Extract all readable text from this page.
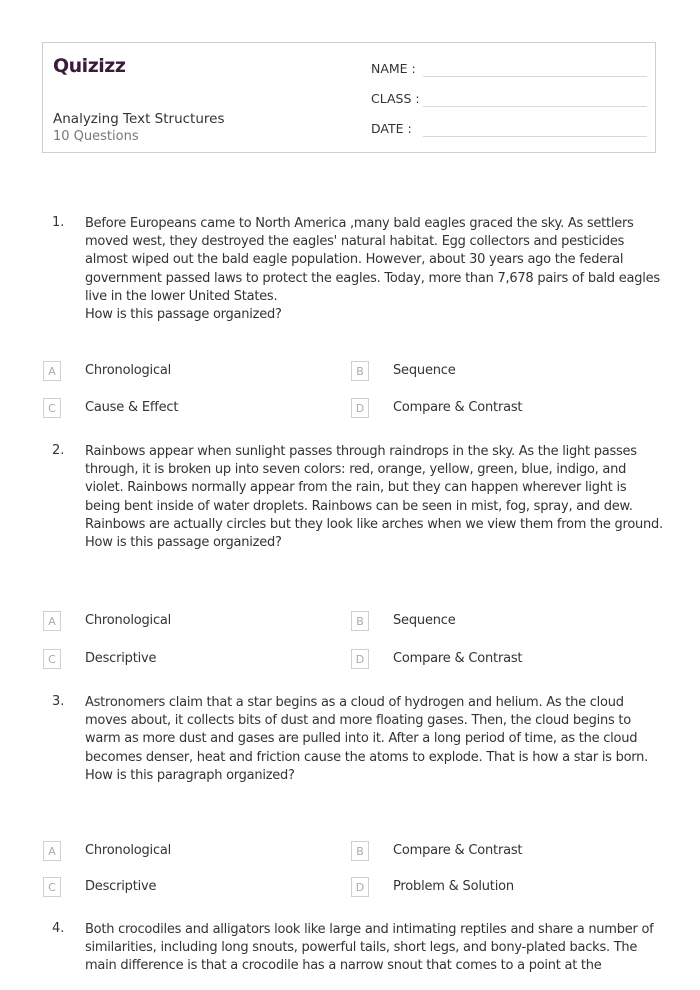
Quizizz
Analyzing Text Structures
10 Questions
NAME :
CLASS :
DATE :
1. Before Europeans came to North America ,many bald eagles graced the sky. As settlers moved west, they destroyed the eagles' natural habitat. Egg collectors and pesticides almost wiped out the bald eagle population. However, about 30 years ago the federal government passed laws to protect the eagles. Today, more than 7,678 pairs of bald eagles live in the lower United States.

How is this passage organized?

A	Chronological	B	Sequence
C	Cause & Effect	D	Compare & Contrast
2. Rainbows appear when sunlight passes through raindrops in the sky. As the light passes through, it is broken up into seven colors: red, orange, yellow, green, blue, indigo, and violet. Rainbows normally appear from the rain, but they can happen wherever light is being bent inside of water droplets. Rainbows can be seen in mist, fog, spray, and dew. Rainbows are actually circles but they look like arches when we view them from the ground.

How is this passage organized?

A	Chronological	B	Sequence
C	Descriptive	D	Compare & Contrast
3. Astronomers claim that a star begins as a cloud of hydrogen and helium. As the cloud moves about, it collects bits of dust and more floating gases. Then, the cloud begins to warm as more dust and gases are pulled into it. After a long period of time, as the cloud becomes denser, heat and friction cause the atoms to explode. That is how a star is born.

How is this paragraph organized?

A	Chronological	B	Compare & Contrast
C	Descriptive	D	Problem & Solution
4. Both crocodiles and alligators look like large and intimating reptiles and share a number of similarities, including long snouts, powerful tails, short legs, and bony-plated backs. The main difference is that a crocodile has a narrow snout that comes to a point at the
